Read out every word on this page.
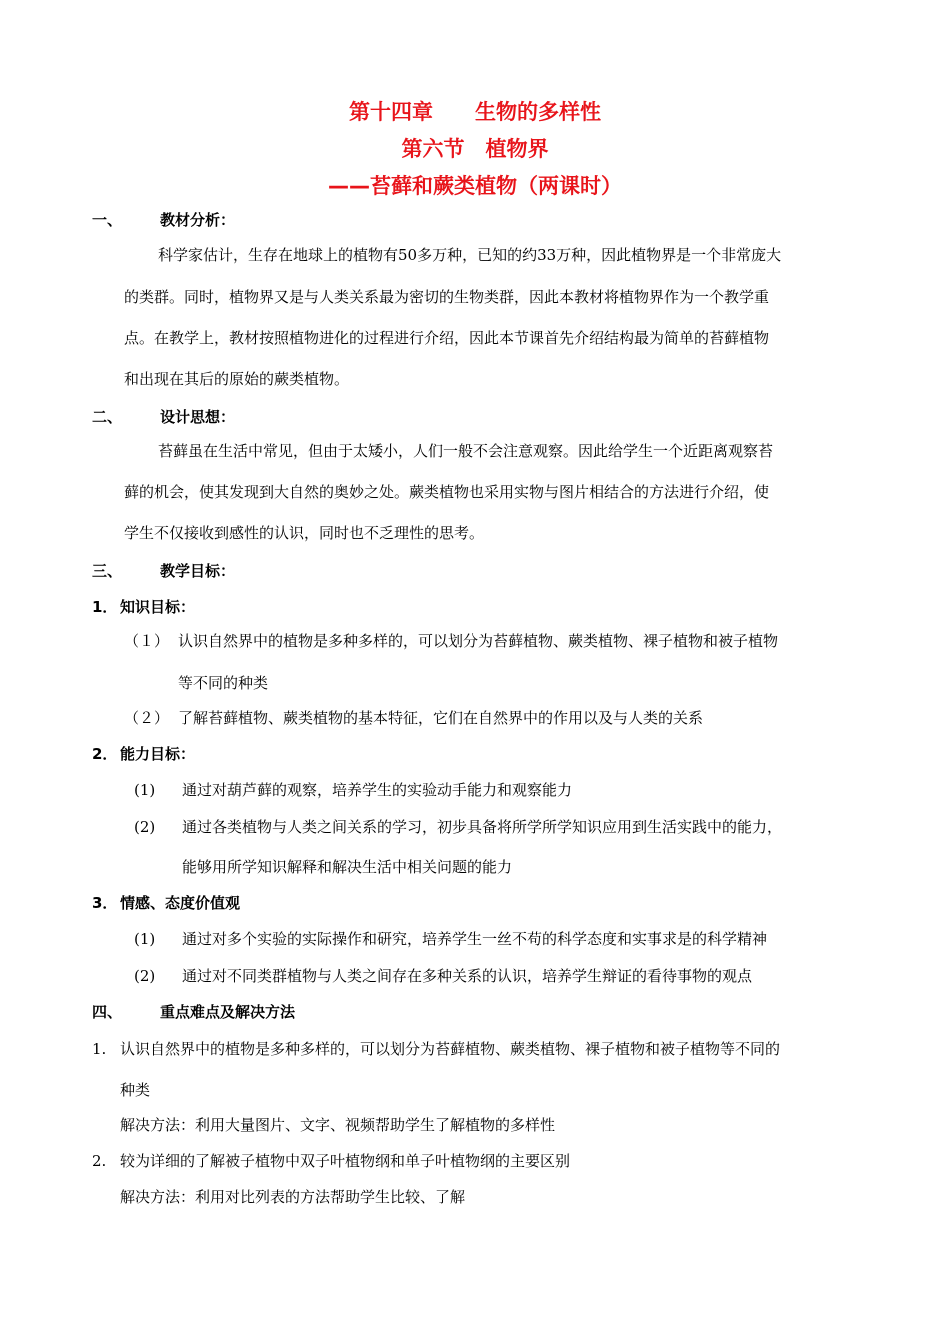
第十四章　　生物的多样性
第六节　植物界
——苔藓和蕨类植物（两课时）
一、	教材分析：
科学家估计，生存在地球上的植物有50多万种，已知的约33万种，因此植物界是一个非常庞大
的类群。同时，植物界又是与人类关系最为密切的生物类群，因此本教材将植物界作为一个教学重
点。在教学上，教材按照植物进化的过程进行介绍，因此本节课首先介绍结构最为简单的苔藓植物
和出现在其后的原始的蕨类植物。
二、	设计思想：
苔藓虽在生活中常见，但由于太矮小，人们一般不会注意观察。因此给学生一个近距离观察苔
藓的机会，使其发现到大自然的奥妙之处。蕨类植物也采用实物与图片相结合的方法进行介绍，使
学生不仅接收到感性的认识，同时也不乏理性的思考。
三、	教学目标：
1． 知识目标：
（１） 认识自然界中的植物是多种多样的，可以划分为苔藓植物、蕨类植物、裸子植物和被子植物
等不同的种类
（２） 了解苔藓植物、蕨类植物的基本特征，它们在自然界中的作用以及与人类的关系
2． 能力目标：
(1) 通过对葫芦藓的观察，培养学生的实验动手能力和观察能力
(2) 通过各类植物与人类之间关系的学习，初步具备将所学所学知识应用到生活实践中的能力，
能够用所学知识解释和解决生活中相关问题的能力
3． 情感、态度价值观
(1) 通过对多个实验的实际操作和研究，培养学生一丝不苟的科学态度和实事求是的科学精神
(2) 通过对不同类群植物与人类之间存在多种关系的认识，培养学生辩证的看待事物的观点
四、	重点难点及解决方法
1. 认识自然界中的植物是多种多样的，可以划分为苔藓植物、蕨类植物、裸子植物和被子植物等不同的
种类
解决方法：利用大量图片、文字、视频帮助学生了解植物的多样性
2. 较为详细的了解被子植物中双子叶植物纲和单子叶植物纲的主要区别
解决方法：利用对比列表的方法帮助学生比较、了解
